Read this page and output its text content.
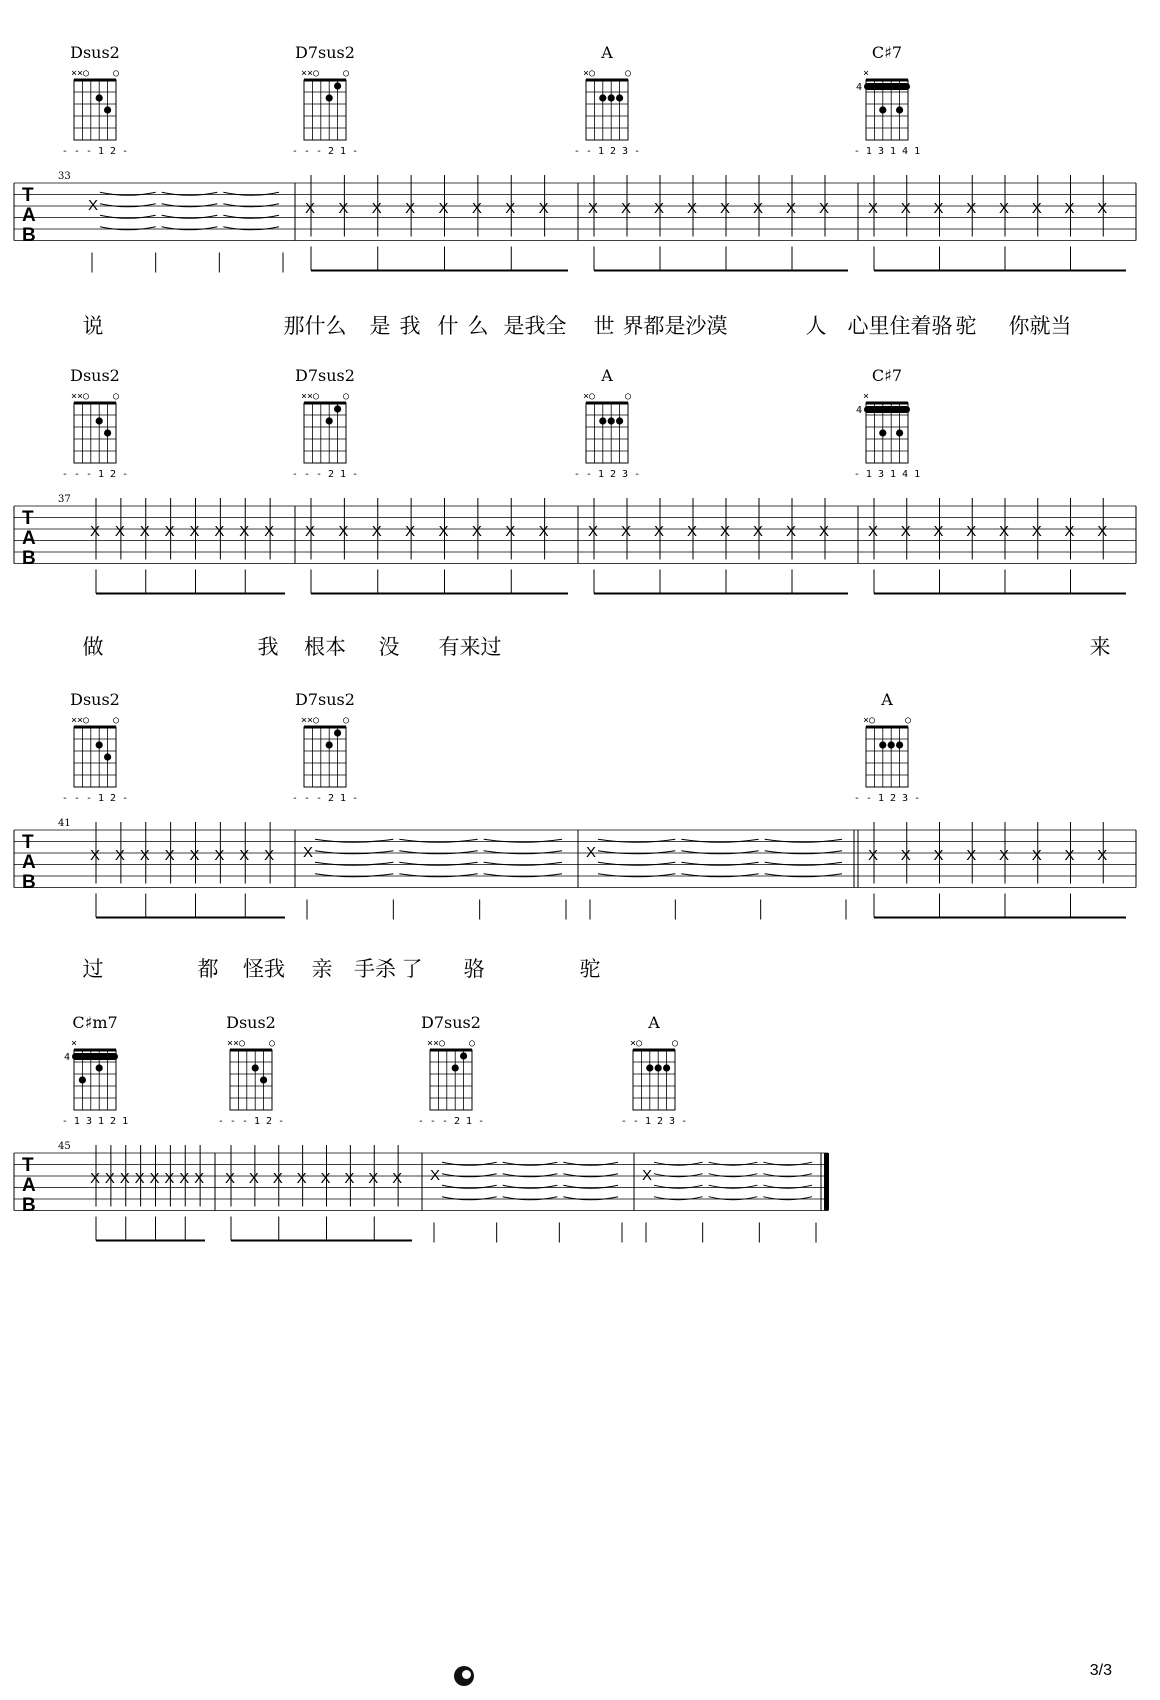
Dsus2
××○ ○
- - - 1 2 -
D7sus2
××○ ○
- - - 2 1 -
A
×○	○
- - 1 2 3 -
C♯7
×
4
- 1 3 1 4 1
T
A
B
33
X	X X X X X X X X	X X X X X X X X	X X X X X X X X
说	那什么 是 我 什 么 是我全 世 界都是沙漠	人 心里住着骆 驼 你就当
Dsus2
××○ ○
- - - 1 2 -
D7sus2
××○ ○
- - - 2 1 -
A
×○	○
- - 1 2 3 -
C♯7
×
4
- 1 3 1 4 1
T
A
B
37
X X X X X X X X X X X X X X X X	X X X X X X X X	X X X X X X X X
做	我 根本 没 有来过	来
Dsus2
××○ ○
- - - 1 2 -
D7sus2
××○ ○
- - - 2 1 -
A
×○	○
- - 1 2 3 -
T
A
B
41
X X X X X X X X X	X	X X X X X X X X
过	都 怪我 亲 手杀 了 骆	驼
C♯m7
×
4
- 1 3 1 2 1
Dsus2
××○ ○
- - - 1 2 -
D7sus2
××○ ○
- - - 2 1 -
A
×○	○
- - 1 2 3 -
T
A
B
45
X X X X X X X X X X X X X X X X X	X
3/3
